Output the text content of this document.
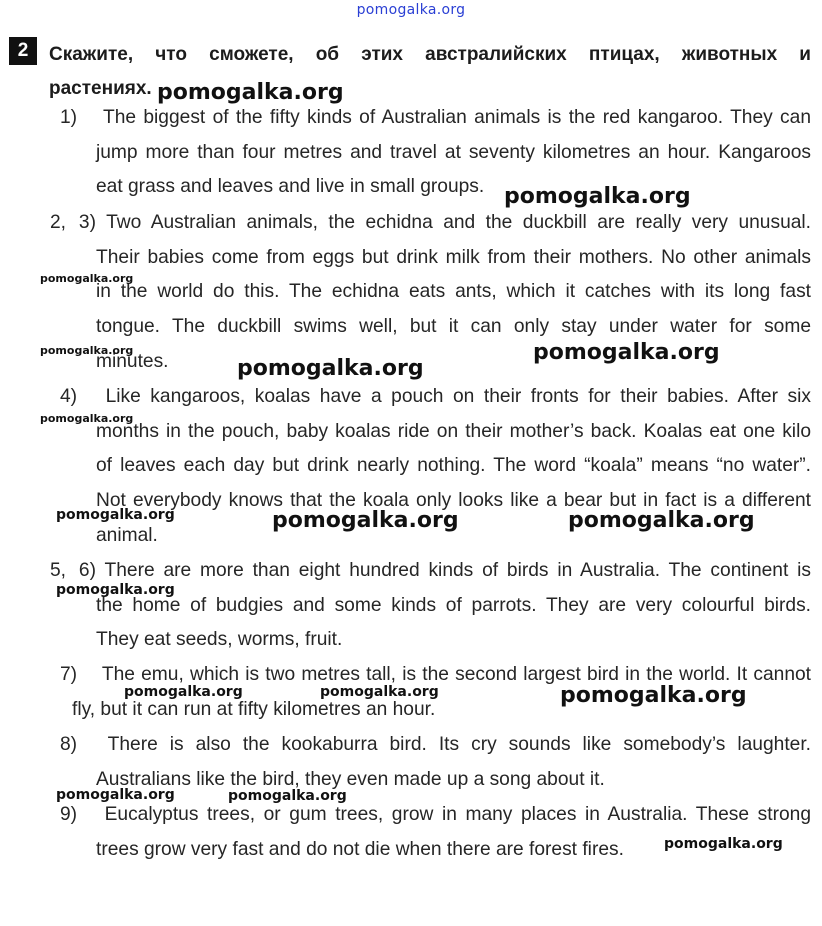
pomogalka.org
2	Скажите, что сможете, об этих австралийских птицах, животных и
растениях.
1) The biggest of the fifty kinds of Australian animals is the red kangaroo. They can
jump more than four metres and travel at seventy kilometres an hour. Kangaroos
eat grass and leaves and live in small groups.
2, 3) Two Australian animals, the echidna and the duckbill are really very unusual.
Their babies come from eggs but drink milk from their mothers. No other animals
in the world do this. The echidna eats ants, which it catches with its long fast
tongue. The duckbill swims well, but it can only stay under water for some
minutes.
4) Like kangaroos, koalas have a pouch on their fronts for their babies. After six
months in the pouch, baby koalas ride on their mother’s back. Koalas eat one kilo
of leaves each day but drink nearly nothing. The word “koala” means “no water”.
Not everybody knows that the koala only looks like a bear but in fact is a different
animal.
5, 6) There are more than eight hundred kinds of birds in Australia. The continent is
the home of budgies and some kinds of parrots. They are very colourful birds.
They eat seeds, worms, fruit.
7) The emu, which is two metres tall, is the second largest bird in the world. It cannot
fly, but it can run at fifty kilometres an hour.
8) There is also the kookaburra bird. Its cry sounds like somebody’s laughter.
Australians like the bird, they even made up a song about it.
9) Eucalyptus trees, or gum trees, grow in many places in Australia. These strong
trees grow very fast and do not die when there are forest fires.
pomogalka.org
pomogalka.org
pomogalka.org
pomogalka.org	pomogalka.org
pomogalka.org
pomogalka.org
pomogalka.org	pomogalka.org	pomogalka.org
pomogalka.org
pomogalka.org	pomogalka.org	pomogalka.org
pomogalka.org	pomogalka.org
pomogalka.org
